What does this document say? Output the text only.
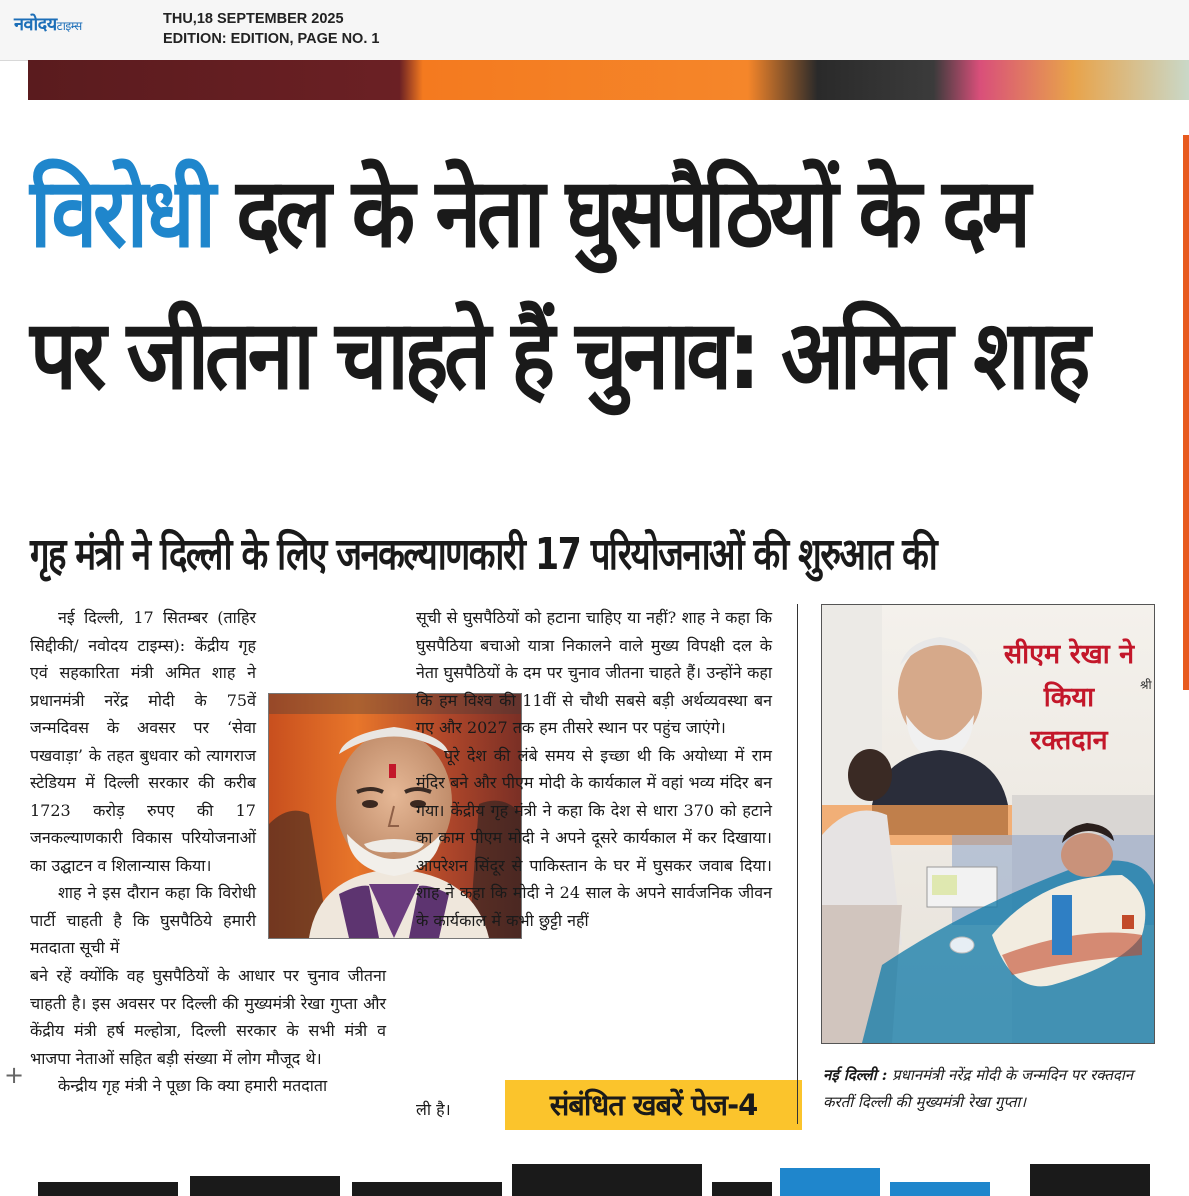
नवोदयटाइम्स	THU,18 SEPTEMBER 2025
EDITION: EDITION, PAGE NO. 1
विरोधी दल के नेता घुसपैठियों के दम
पर जीतना चाहते हैं चुनाव: अमित शाह
गृह मंत्री ने दिल्ली के लिए जनकल्याणकारी 17 परियोजनाओं की शुरुआत की

नई दिल्ली, 17 सितम्बर (ताहिर सिद्दीकी/ नवोदय टाइम्स): केंद्रीय गृह एवं सहकारिता मंत्री अमित शाह ने प्रधानमंत्री नरेंद्र मोदी के 75वें जन्मदिवस के अवसर पर ‘सेवा पखवाड़ा’ के तहत बुधवार को त्यागराज स्टेडियम में दिल्ली सरकार की करीब 1723 करोड़ रुपए की 17 जनकल्याणकारी विकास परियोजनाओं का उद्घाटन व शिलान्यास किया।

शाह ने इस दौरान कहा कि विरोधी पार्टी चाहती है कि घुसपैठिये हमारी मतदाता सूची में

बने रहें क्योंकि वह घुसपैठियों के आधार पर चुनाव जीतना चाहती है। इस अवसर पर दिल्ली की मुख्यमंत्री रेखा गुप्ता और केंद्रीय मंत्री हर्ष मल्होत्रा, दिल्ली सरकार के सभी मंत्री व भाजपा नेताओं सहित बड़ी संख्या में लोग मौजूद थे।

केन्द्रीय गृह मंत्री ने पूछा कि क्या हमारी मतदाता

सूची से घुसपैठियों को हटाना चाहिए या नहीं? शाह ने कहा कि घुसपैठिया बचाओ यात्रा निकालने वाले मुख्य विपक्षी दल के नेता घुसपैठियों के दम पर चुनाव जीतना चाहते हैं। उन्होंने कहा कि हम विश्व की 11वीं से चौथी सबसे बड़ी अर्थव्यवस्था बन गए और 2027 तक हम तीसरे स्थान पर पहुंच जाएंगे।

पूरे देश की लंबे समय से इच्छा थी कि अयोध्या में राम मंदिर बने और पीएम मोदी के कार्यकाल में वहां भव्य मंदिर बन गया। केंद्रीय गृह मंत्री ने कहा कि देश से धारा 370 को हटाने का काम पीएम मोदी ने अपने दूसरे कार्यकाल में कर दिखाया। आपरेशन सिंदूर से पाकिस्तान के घर में घुसकर जवाब दिया। शाह ने कहा कि मोदी ने 24 साल के अपने सार्वजनिक जीवन के कार्यकाल में कभी छुट्टी नहीं

ली है।	संबंधित खबरें पेज-4
श्री
सीएम रेखा ने किया रक्तदान
नई दिल्ली : प्रधानमंत्री नरेंद्र मोदी के जन्मदिन पर रक्तदान करतीं दिल्ली की मुख्यमंत्री रेखा गुप्ता।
+
